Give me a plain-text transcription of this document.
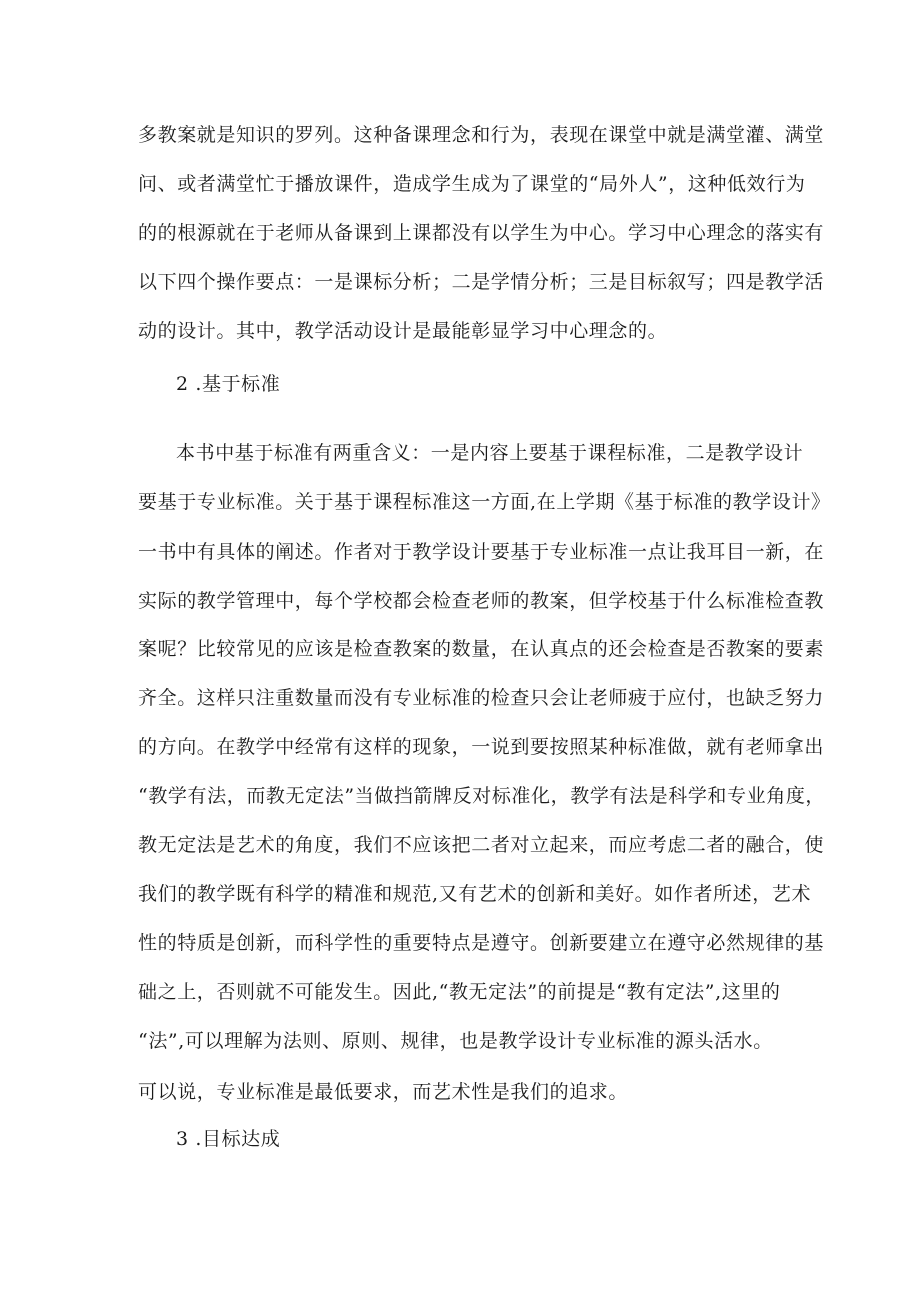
多教案就是知识的罗列。这种备课理念和行为，表现在课堂中就是满堂灌、满堂

问、或者满堂忙于播放课件，造成学生成为了课堂的“局外人”，这种低效行为

的的根源就在于老师从备课到上课都没有以学生为中心。学习中心理念的落实有

以下四个操作要点：一是课标分析；二是学情分析；三是目标叙写；四是教学活

动的设计。其中，教学活动设计是最能彰显学习中心理念的。

2 .基于标准

本书中基于标准有两重含义：一是内容上要基于课程标准，二是教学设计

要基于专业标准。关于基于课程标准这一方面,在上学期《基于标准的教学设计》

一书中有具体的阐述。作者对于教学设计要基于专业标准一点让我耳目一新，在

实际的教学管理中，每个学校都会检查老师的教案，但学校基于什么标准检查教

案呢？比较常见的应该是检查教案的数量，在认真点的还会检查是否教案的要素

齐全。这样只注重数量而没有专业标准的检查只会让老师疲于应付，也缺乏努力

的方向。在教学中经常有这样的现象，一说到要按照某种标准做，就有老师拿出

“教学有法，而教无定法”当做挡箭牌反对标准化，教学有法是科学和专业角度，

教无定法是艺术的角度，我们不应该把二者对立起来，而应考虑二者的融合，使

我们的教学既有科学的精准和规范,又有艺术的创新和美好。如作者所述，艺术

性的特质是创新，而科学性的重要特点是遵守。创新要建立在遵守必然规律的基

础之上，否则就不可能发生。因此,“教无定法”的前提是“教有定法”,这里的

“法”,可以理解为法则、原则、规律，也是教学设计专业标准的源头活水。

可以说，专业标准是最低要求，而艺术性是我们的追求。

3 .目标达成
